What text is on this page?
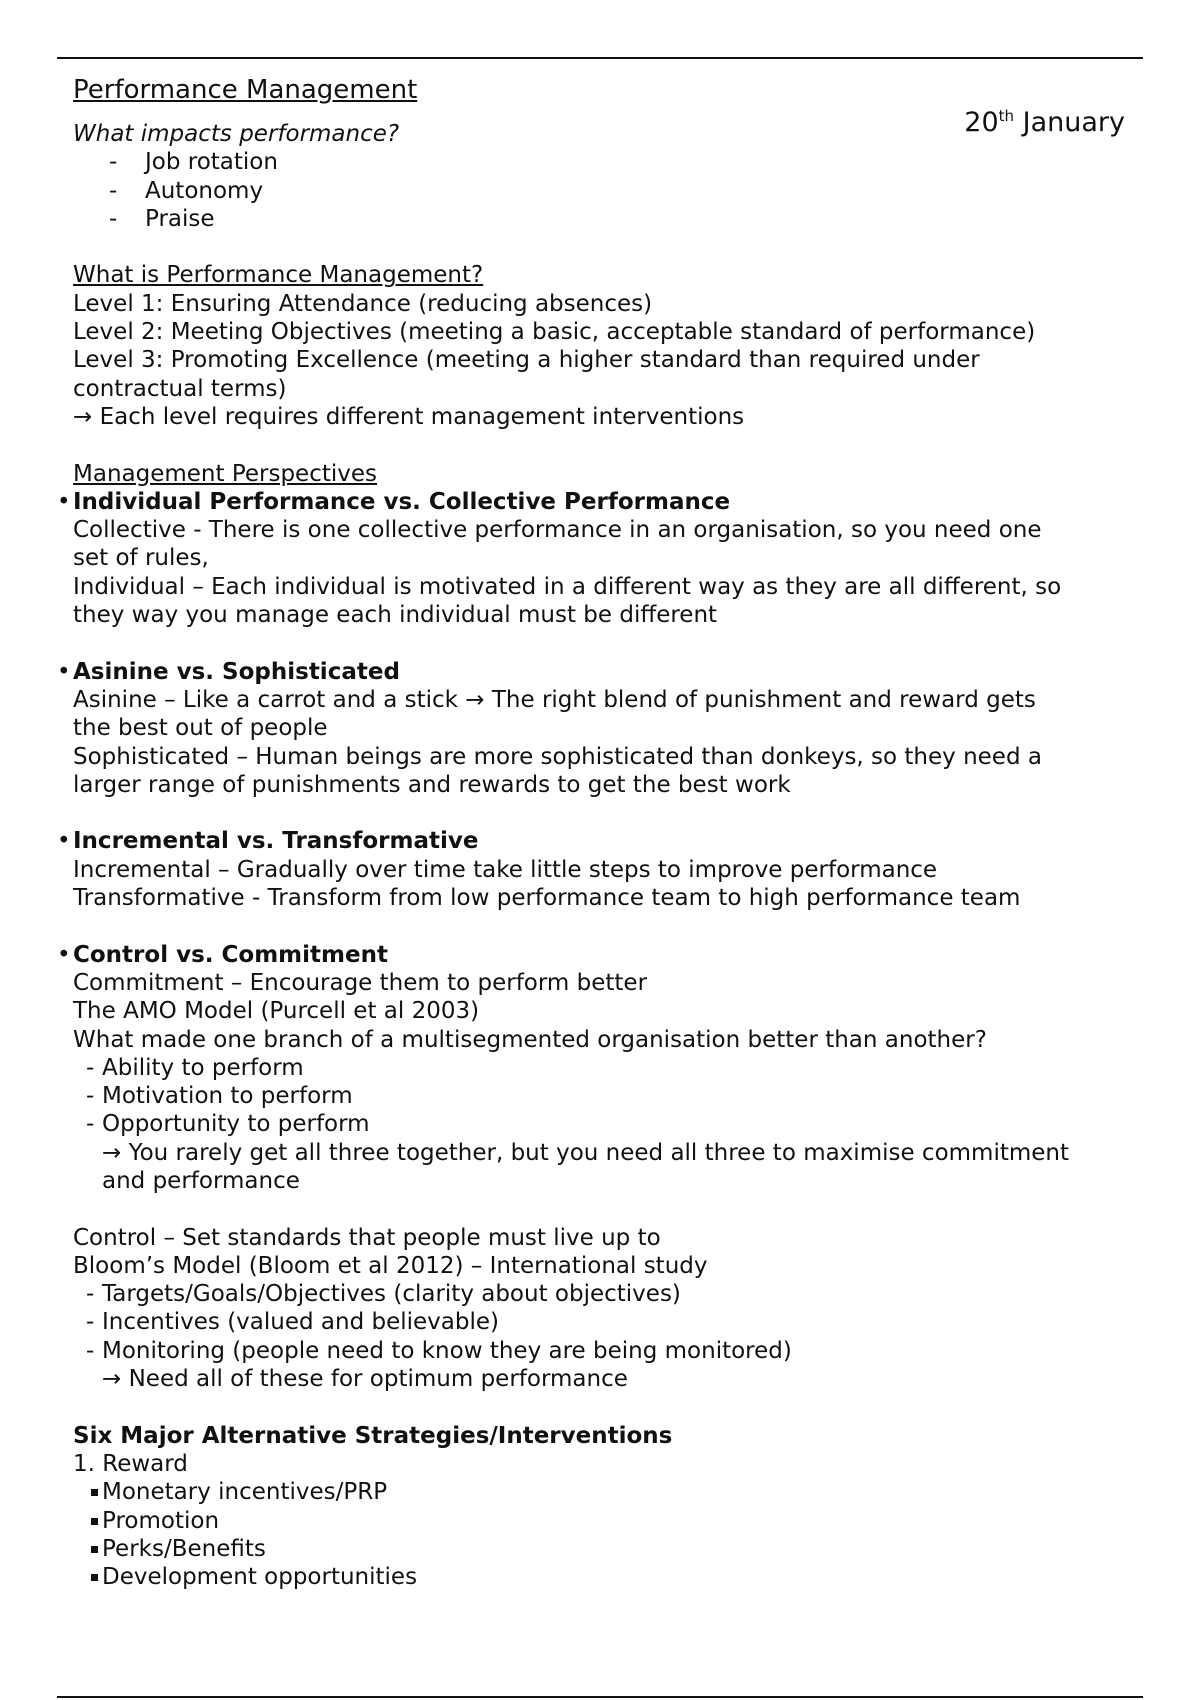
Performance Management
20th January
What impacts performance?
- Job rotation
- Autonomy
- Praise
What is Performance Management?
Level 1: Ensuring Attendance (reducing absences)
Level 2: Meeting Objectives (meeting a basic, acceptable standard of performance)
Level 3: Promoting Excellence (meeting a higher standard than required under
contractual terms)
→ Each level requires different management interventions
Management Perspectives
• Individual Performance vs. Collective Performance
Collective - There is one collective performance in an organisation, so you need one
set of rules,
Individual – Each individual is motivated in a different way as they are all different, so
they way you manage each individual must be different
• Asinine vs. Sophisticated
Asinine – Like a carrot and a stick → The right blend of punishment and reward gets
the best out of people
Sophisticated – Human beings are more sophisticated than donkeys, so they need a
larger range of punishments and rewards to get the best work
• Incremental vs. Transformative
Incremental – Gradually over time take little steps to improve performance
Transformative - Transform from low performance team to high performance team
• Control vs. Commitment
Commitment – Encourage them to perform better
The AMO Model (Purcell et al 2003)
What made one branch of a multisegmented organisation better than another?
- Ability to perform
- Motivation to perform
- Opportunity to perform
→ You rarely get all three together, but you need all three to maximise commitment
and performance
Control – Set standards that people must live up to
Bloom’s Model (Bloom et al 2012) – International study
- Targets/Goals/Objectives (clarity about objectives)
- Incentives (valued and believable)
- Monitoring (people need to know they are being monitored)
→ Need all of these for optimum performance
Six Major Alternative Strategies/Interventions
1. Reward
Monetary incentives/PRP
Promotion
Perks/Benefits
Development opportunities
